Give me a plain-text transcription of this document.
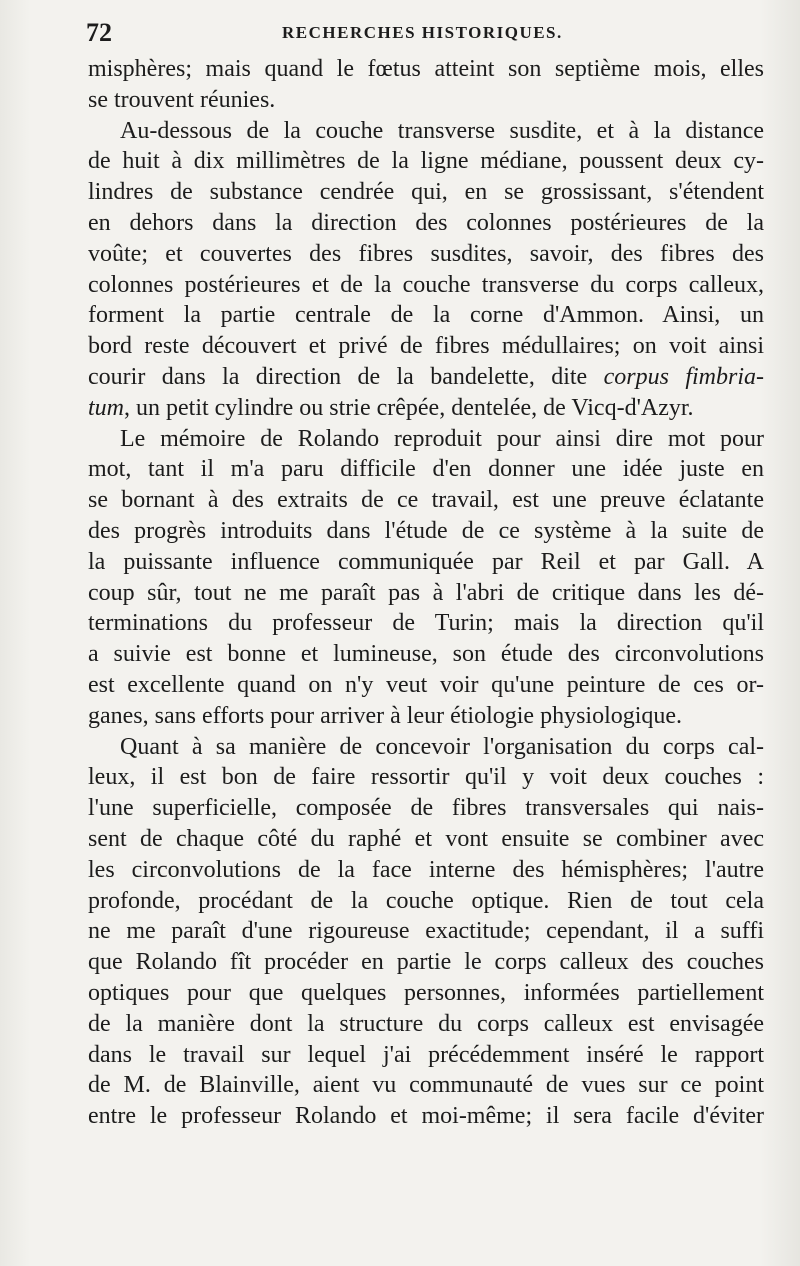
72	RECHERCHES HISTORIQUES.
misphères; mais quand le fœtus atteint son septième mois, elles
se trouvent réunies.
Au-dessous de la couche transverse susdite, et à la distance
de huit à dix millimètres de la ligne médiane, poussent deux cy-
lindres de substance cendrée qui, en se grossissant, s'étendent
en dehors dans la direction des colonnes postérieures de la
voûte; et couvertes des fibres susdites, savoir, des fibres des
colonnes postérieures et de la couche transverse du corps calleux,
forment la partie centrale de la corne d'Ammon. Ainsi, un
bord reste découvert et privé de fibres médullaires; on voit ainsi
courir dans la direction de la bandelette, dite corpus fimbria-
tum, un petit cylindre ou strie crêpée, dentelée, de Vicq-d'Azyr.
Le mémoire de Rolando reproduit pour ainsi dire mot pour
mot, tant il m'a paru difficile d'en donner une idée juste en
se bornant à des extraits de ce travail, est une preuve éclatante
des progrès introduits dans l'étude de ce système à la suite de
la puissante influence communiquée par Reil et par Gall. A
coup sûr, tout ne me paraît pas à l'abri de critique dans les dé-
terminations du professeur de Turin; mais la direction qu'il
a suivie est bonne et lumineuse, son étude des circonvolutions
est excellente quand on n'y veut voir qu'une peinture de ces or-
ganes, sans efforts pour arriver à leur étiologie physiologique.
Quant à sa manière de concevoir l'organisation du corps cal-
leux, il est bon de faire ressortir qu'il y voit deux couches :
l'une superficielle, composée de fibres transversales qui nais-
sent de chaque côté du raphé et vont ensuite se combiner avec
les circonvolutions de la face interne des hémisphères; l'autre
profonde, procédant de la couche optique. Rien de tout cela
ne me paraît d'une rigoureuse exactitude; cependant, il a suffi
que Rolando fît procéder en partie le corps calleux des couches
optiques pour que quelques personnes, informées partiellement
de la manière dont la structure du corps calleux est envisagée
dans le travail sur lequel j'ai précédemment inséré le rapport
de M. de Blainville, aient vu communauté de vues sur ce point
entre le professeur Rolando et moi-même; il sera facile d'éviter
